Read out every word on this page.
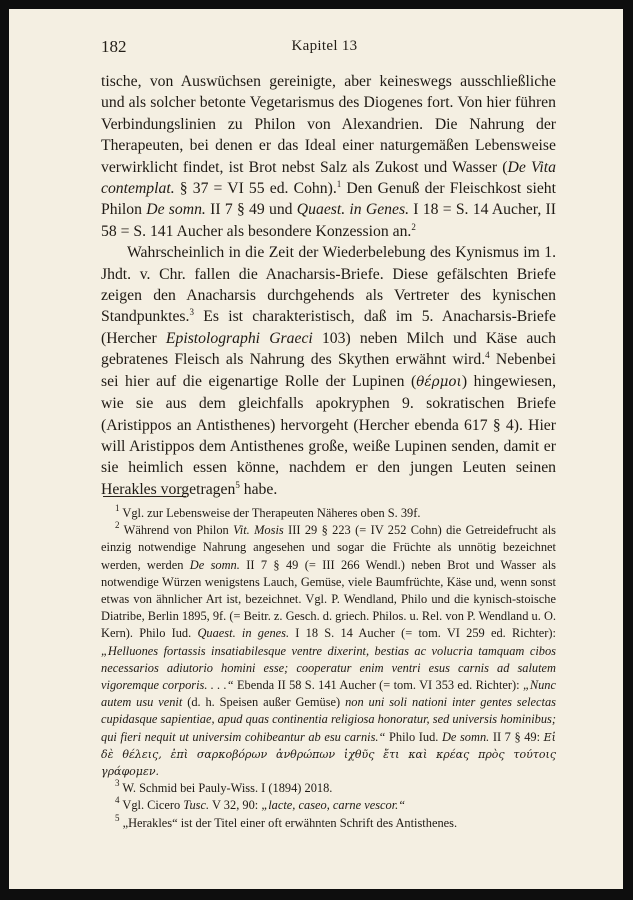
182	Kapitel 13

tische, von Auswüchsen gereinigte, aber keineswegs ausschließliche und als solcher betonte Vegetarismus des Diogenes fort. Von hier führen Verbindungslinien zu Philon von Alexandrien. Die Nahrung der Therapeuten, bei denen er das Ideal einer naturgemäßen Lebensweise verwirklicht findet, ist Brot nebst Salz als Zukost und Wasser (De Vita contemplat. § 37 = VI 55 ed. Cohn).$^1$ Den Genuß der Fleischkost sieht Philon De somn. II 7 § 49 und Quaest. in Genes. I 18 = S. 14 Aucher, II 58 = S. 141 Aucher als besondere Konzession an.$^2$

Wahrscheinlich in die Zeit der Wiederbelebung des Kynismus im 1. Jhdt. v. Chr. fallen die Anacharsis-Briefe. Diese gefälschten Briefe zeigen den Anacharsis durchgehends als Vertreter des kynischen Standpunktes.$^3$ Es ist charakteristisch, daß im 5. Anacharsis-Briefe (Hercher Epistolographi Graeci 103) neben Milch und Käse auch gebratenes Fleisch als Nahrung des Skythen erwähnt wird.$^4$ Nebenbei sei hier auf die eigenartige Rolle der Lupinen (θέρμοι) hingewiesen, wie sie aus dem gleichfalls apokryphen 9. sokratischen Briefe (Aristippos an Antisthenes) hervorgeht (Hercher ebenda 617 § 4). Hier will Aristippos dem Antisthenes große, weiße Lupinen senden, damit er sie heimlich essen könne, nachdem er den jungen Leuten seinen Herakles vorgetragen$^5$ habe.

$^1$ Vgl. zur Lebensweise der Therapeuten Näheres oben S. 39f.

$^2$ Während von Philon Vit. Mosis III 29 § 223 (= IV 252 Cohn) die Getreidefrucht als einzig notwendige Nahrung angesehen und sogar die Früchte als unnötig bezeichnet werden, werden De somn. II 7 § 49 (= III 266 Wendl.) neben Brot und Wasser als notwendige Würzen wenigstens Lauch, Gemüse, viele Baumfrüchte, Käse und, wenn sonst etwas von ähnlicher Art ist, bezeichnet. Vgl. P. Wendland, Philo und die kynisch-stoische Diatribe, Berlin 1895, 9f. (= Beitr. z. Gesch. d. griech. Philos. u. Rel. von P. Wendland u. O. Kern). Philo Iud. Quaest. in genes. I 18 S. 14 Aucher (= tom. VI 259 ed. Richter): „Helluones fortassis insatiabilesque ventre dixerint, bestias ac volucria tamquam cibos necessarios adiutorio homini esse; cooperatur enim ventri esus carnis ad salutem vigoremque corporis. . . .“ Ebenda II 58 S. 141 Aucher (= tom. VI 353 ed. Richter): „Nunc autem usu venit (d. h. Speisen außer Gemüse) non uni soli nationi inter gentes selectas cupidasque sapientiae, apud quas continentia religiosa honoratur, sed universis hominibus; qui fieri nequit ut universim cohibeantur ab esu carnis.“ Philo Iud. De somn. II 7 § 49: Εἰ δὲ θέλεις, ἐπὶ σαρκοβόρων ἀνθρώπων ἰχθῦς ἔτι καὶ κρέας πρὸς τούτοις γράφομεν.

$^3$ W. Schmid bei Pauly-Wiss. I (1894) 2018.

$^4$ Vgl. Cicero Tusc. V 32, 90: „lacte, caseo, carne vescor.“

$^5$ „Herakles“ ist der Titel einer oft erwähnten Schrift des Antisthenes.
